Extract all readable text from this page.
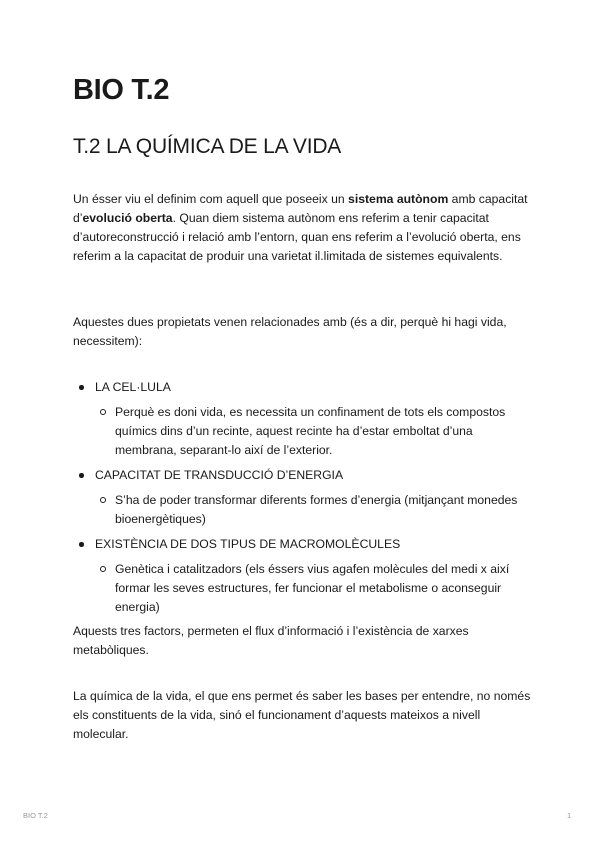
BIO T.2
T.2 LA QUÍMICA DE LA VIDA

Un ésser viu el definim com aquell que poseeix un sistema autònom amb capacitat d’evolució oberta. Quan diem sistema autònom ens referim a tenir capacitat d’autoreconstrucció i relació amb l’entorn, quan ens referim a l’evolució oberta, ens referim a la capacitat de produir una varietat il.limitada de sistemes equivalents.

Aquestes dues propietats venen relacionades amb (és a dir, perquè hi hagi vida, necessitem):

LA CEL·LULA
Perquè es doni vida, es necessita un confinament de tots els compostos químics dins d’un recinte, aquest recinte ha d’estar emboltat d’una membrana, separant-lo així de l’exterior.
CAPACITAT DE TRANSDUCCIÓ D’ENERGIA
S’ha de poder transformar diferents formes d’energia (mitjançant monedes bioenergètiques)
EXISTÈNCIA DE DOS TIPUS DE MACROMOLÈCULES
Genètica i catalitzadors (els éssers vius agafen molècules del medi x així formar les seves estructures, fer funcionar el metabolisme o aconseguir energia)

Aquests tres factors, permeten el flux d’informació i l’existència de xarxes metabòliques.

La química de la vida, el que ens permet és saber les bases per entendre, no només els constituents de la vida, sinó el funcionament d’aquests mateixos a nivell molecular.

BIO T.2	1
